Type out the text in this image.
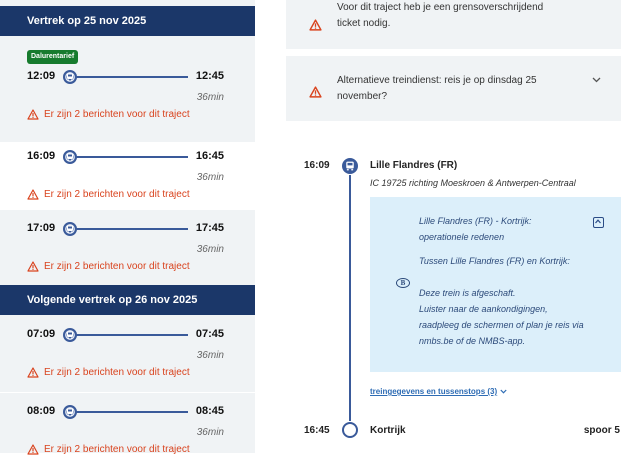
Vertrek op 25 nov 2025
Dalurentarief
12:09	12:45
36min
Er zijn 2 berichten voor dit traject
16:09	16:45
36min
Er zijn 2 berichten voor dit traject
17:09	17:45
36min
Er zijn 2 berichten voor dit traject
Volgende vertrek op 26 nov 2025
07:09	07:45
36min
Er zijn 2 berichten voor dit traject
08:09	08:45
36min
Er zijn 2 berichten voor dit traject
Voor dit traject heb je een grensoverschrijdend
ticket nodig.
Alternatieve treindienst: reis je op dinsdag 25
november?
16:09	Lille Flandres (FR)
IC 19725 richting Moeskroen & Antwerpen-Centraal
Lille Flandres (FR) - Kortrijk:
operationele redenen
Tussen Lille Flandres (FR) en Kortrijk:
B
Deze trein is afgeschaft.
Luister naar de aankondigingen,
raadpleeg de schermen of plan je reis via
nmbs.be of de NMBS-app.
treingegevens en tussenstops (3)
16:45	Kortrijk	spoor 5
